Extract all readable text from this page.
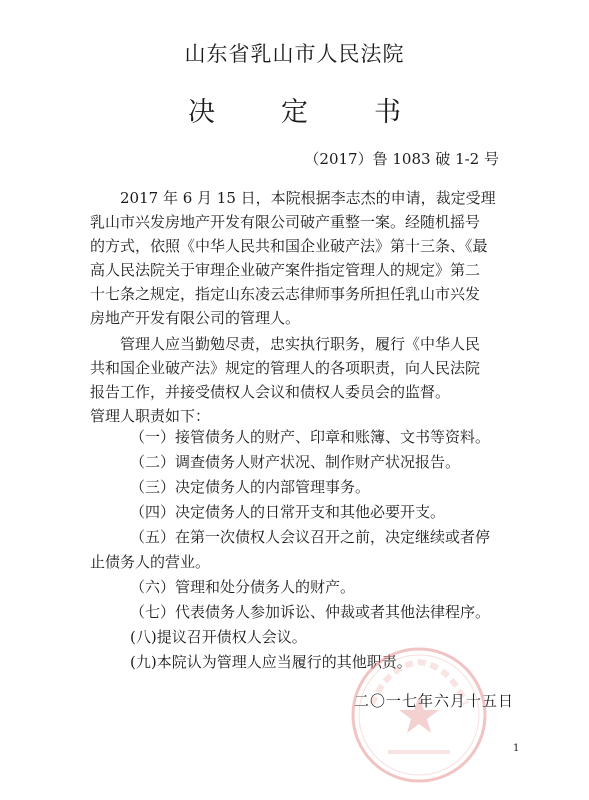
山东省乳山市人民法院
决 定 书
（2017）鲁 1083 破 1-2 号
2017 年 6 月 15 日，本院根据李志杰的申请，裁定受理
乳山市兴发房地产开发有限公司破产重整一案。经随机摇号
的方式，依照《中华人民共和国企业破产法》第十三条、《最
高人民法院关于审理企业破产案件指定管理人的规定》第二
十七条之规定，指定山东凌云志律师事务所担任乳山市兴发
房地产开发有限公司的管理人。
管理人应当勤勉尽责，忠实执行职务，履行《中华人民
共和国企业破产法》规定的管理人的各项职责，向人民法院
报告工作，并接受债权人会议和债权人委员会的监督。
管理人职责如下：
（一）接管债务人的财产、印章和账簿、文书等资料。
（二）调查债务人财产状况、制作财产状况报告。
（三）决定债务人的内部管理事务。
（四）决定债务人的日常开支和其他必要开支。
（五）在第一次债权人会议召开之前，决定继续或者停
止债务人的营业。
（六）管理和处分债务人的财产。
（七）代表债务人参加诉讼、仲裁或者其他法律程序。
(八)提议召开债权人会议。
(九)本院认为管理人应当履行的其他职责。
二〇一七年六月十五日
1
